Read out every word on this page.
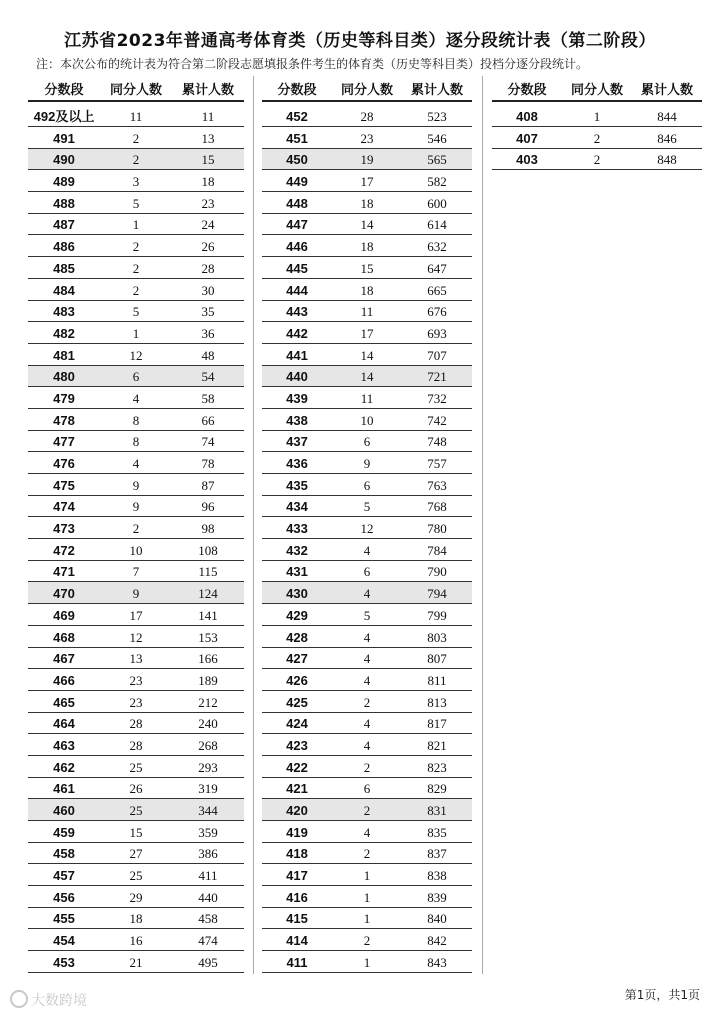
江苏省2023年普通高考体育类（历史等科目类）逐分段统计表（第二阶段）
注：本次公布的统计表为符合第二阶段志愿填报条件考生的体育类（历史等科目类）投档分逐分段统计。
分数段	同分人数	累计人数
492及以上	11	11
491	2	13
490	2	15
489	3	18
488	5	23
487	1	24
486	2	26
485	2	28
484	2	30
483	5	35
482	1	36
481	12	48
480	6	54
479	4	58
478	8	66
477	8	74
476	4	78
475	9	87
474	9	96
473	2	98
472	10	108
471	7	115
470	9	124
469	17	141
468	12	153
467	13	166
466	23	189
465	23	212
464	28	240
463	28	268
462	25	293
461	26	319
460	25	344
459	15	359
458	27	386
457	25	411
456	29	440
455	18	458
454	16	474
453	21	495
分数段	同分人数	累计人数
452	28	523
451	23	546
450	19	565
449	17	582
448	18	600
447	14	614
446	18	632
445	15	647
444	18	665
443	11	676
442	17	693
441	14	707
440	14	721
439	11	732
438	10	742
437	6	748
436	9	757
435	6	763
434	5	768
433	12	780
432	4	784
431	6	790
430	4	794
429	5	799
428	4	803
427	4	807
426	4	811
425	2	813
424	4	817
423	4	821
422	2	823
421	6	829
420	2	831
419	4	835
418	2	837
417	1	838
416	1	839
415	1	840
414	2	842
411	1	843
分数段	同分人数	累计人数
408	1	844
407	2	846
403	2	848
大数跨境	第1页，共1页
